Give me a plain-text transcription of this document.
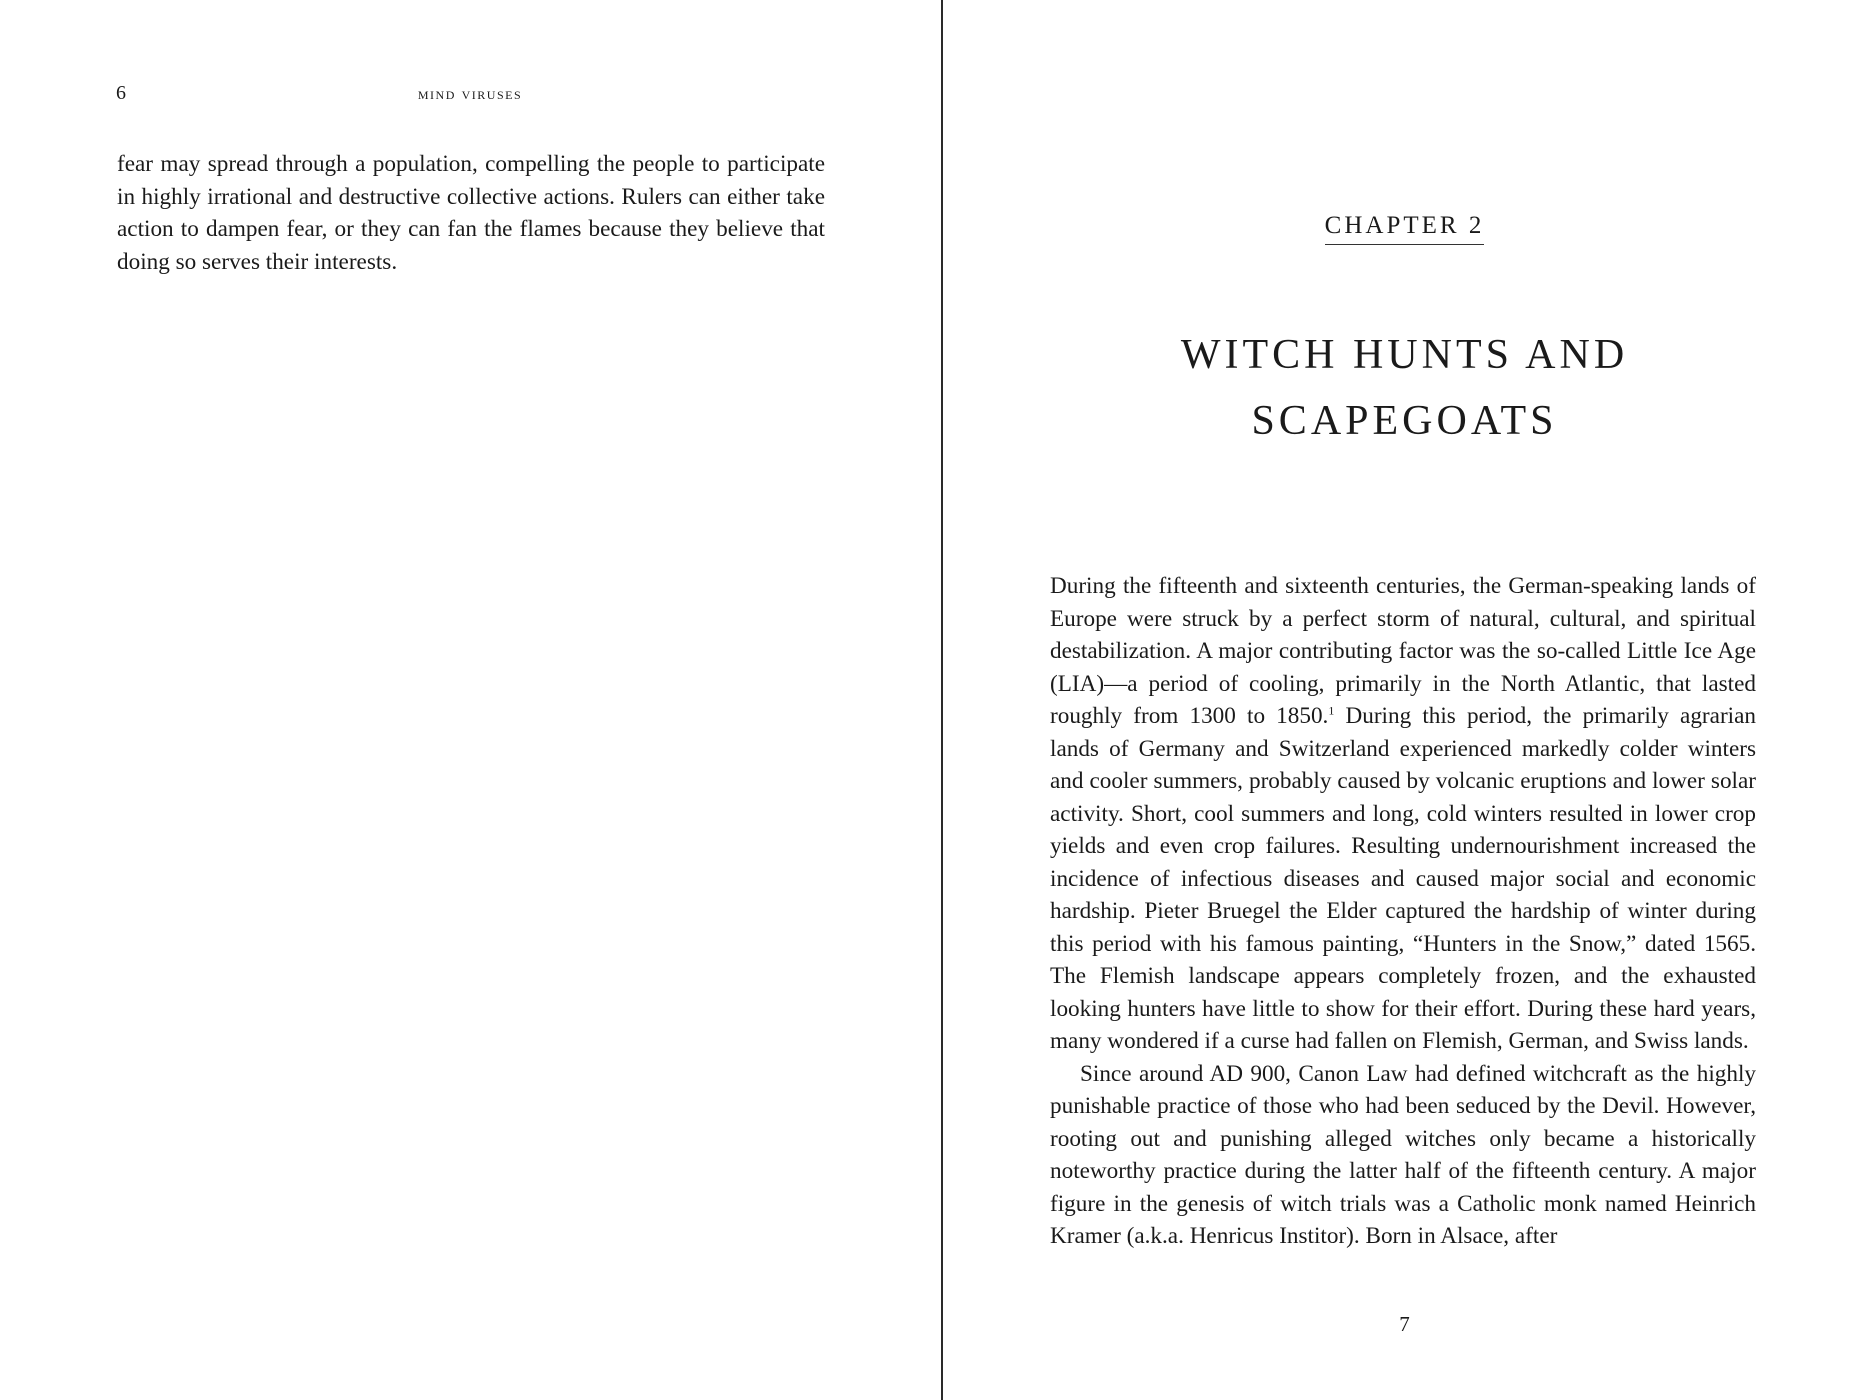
6	mind viruses

fear may spread through a population, compelling the people to participate in highly irrational and destructive collective actions. Rulers can either take action to dampen fear, or they can fan the flames because they believe that doing so serves their interests.

CHAPTER 2
WITCH HUNTS AND
SCAPEGOATS

During the fifteenth and sixteenth centuries, the German-speaking lands of Europe were struck by a perfect storm of natural, cultural, and spiritual destabilization. A major contributing factor was the so-called Little Ice Age (LIA)—a period of cooling, primarily in the North Atlantic, that lasted roughly from 1300 to 1850.$^1$ During this period, the primarily agrarian lands of Germany and Switzerland experienced markedly colder winters and cooler summers, probably caused by volcanic eruptions and lower solar activity. Short, cool summers and long, cold winters resulted in lower crop yields and even crop failures. Resulting undernourishment increased the incidence of infectious diseases and caused major social and economic hardship. Pieter Bruegel the Elder captured the hardship of winter during this period with his famous painting, “Hunters in the Snow,” dated 1565. The Flemish landscape appears completely frozen, and the exhausted looking hunters have little to show for their effort. During these hard years, many wondered if a curse had fallen on Flemish, German, and Swiss lands.

Since around AD 900, Canon Law had defined witchcraft as the highly punishable practice of those who had been seduced by the Devil. However, rooting out and punishing alleged witches only became a historically noteworthy practice during the latter half of the fifteenth century. A major figure in the genesis of witch trials was a Catholic monk named Heinrich Kramer (a.k.a. Henricus Institor). Born in Alsace, after

7
